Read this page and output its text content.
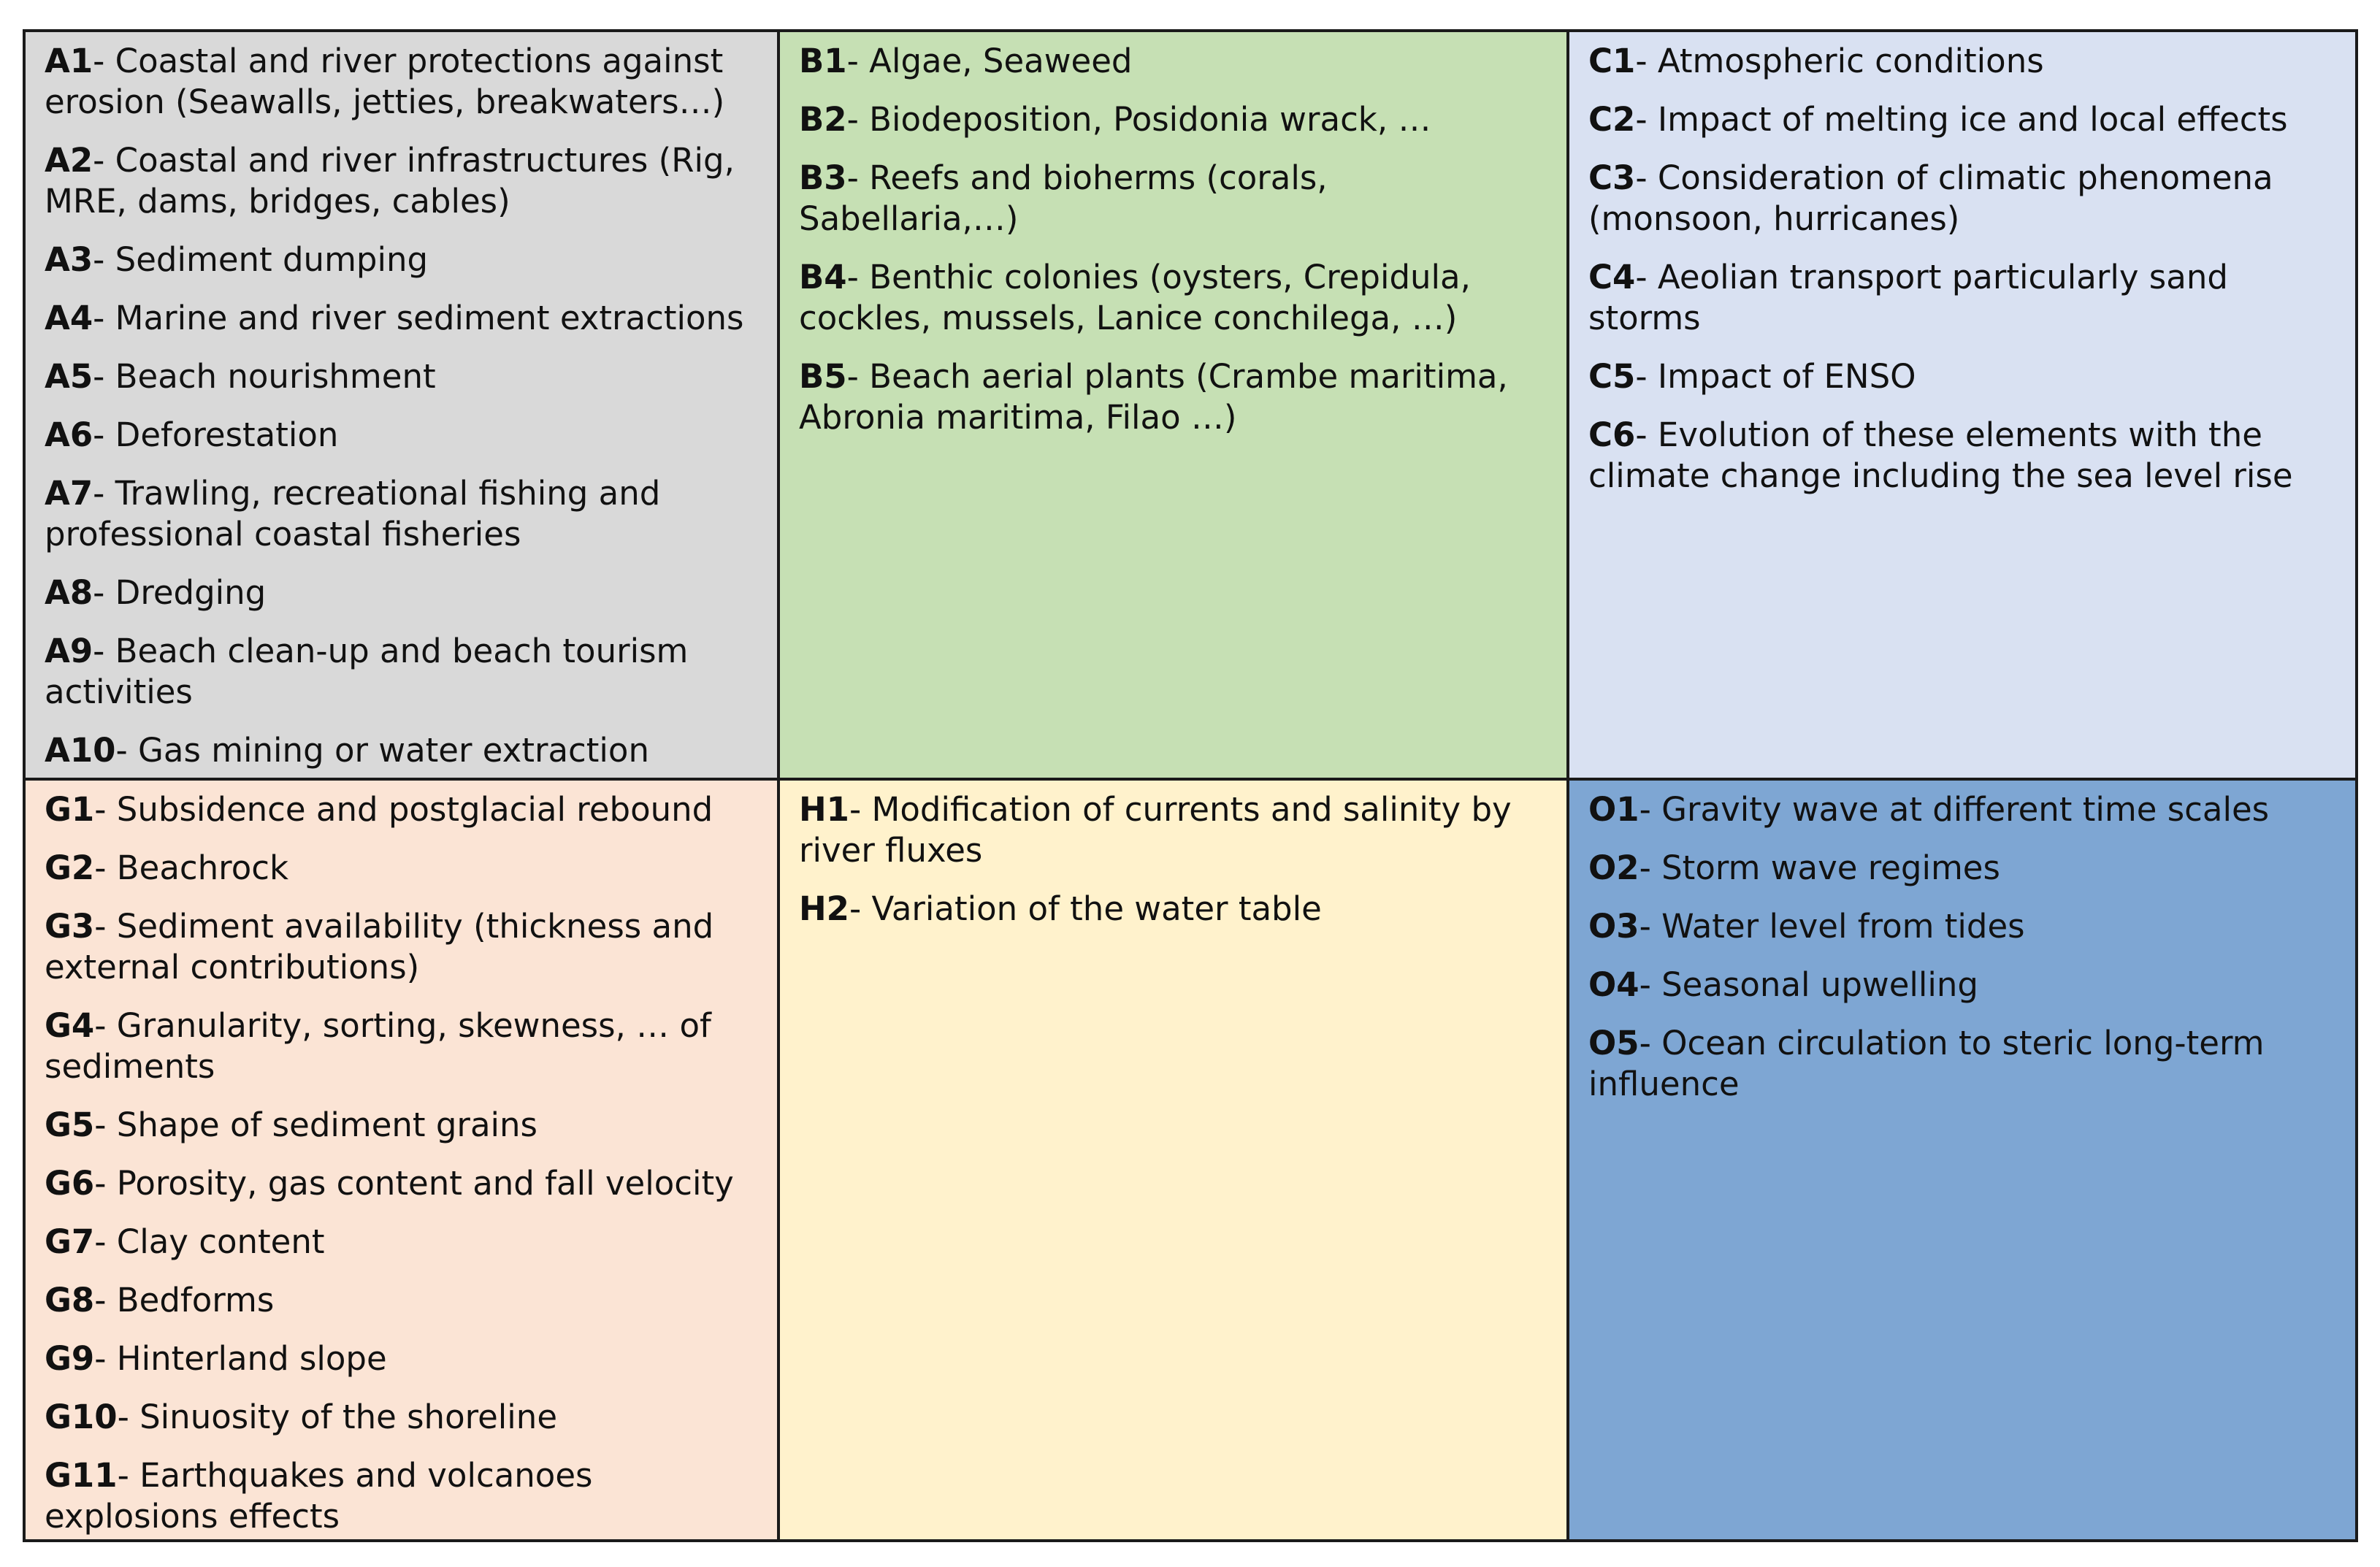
A1- Coastal and river protections against erosion (Seawalls, jetties, breakwaters…)
A2- Coastal and river infrastructures (Rig, MRE, dams, bridges, cables)
A3- Sediment dumping
A4- Marine and river sediment extractions
A5- Beach nourishment
A6- Deforestation
A7- Trawling, recreational fishing and professional coastal fisheries
A8- Dredging
A9- Beach clean-up and beach tourism activities
A10- Gas mining or water extraction
B1- Algae, Seaweed
B2- Biodeposition, Posidonia wrack, …
B3- Reefs and bioherms (corals, Sabellaria,…)
B4- Benthic colonies (oysters, Crepidula, cockles, mussels, Lanice conchilega, …)
B5- Beach aerial plants (Crambe maritima, Abronia maritima, Filao …)
C1- Atmospheric conditions
C2- Impact of melting ice and local effects
C3- Consideration of climatic phenomena (monsoon, hurricanes)
C4- Aeolian transport particularly sand storms
C5- Impact of ENSO
C6- Evolution of these elements with the climate change including the sea level rise
G1- Subsidence and postglacial rebound
G2- Beachrock
G3- Sediment availability (thickness and external contributions)
G4- Granularity, sorting, skewness, … of sediments
G5- Shape of sediment grains
G6- Porosity, gas content and fall velocity
G7- Clay content
G8- Bedforms
G9- Hinterland slope
G10- Sinuosity of the shoreline
G11- Earthquakes and volcanoes explosions effects
H1- Modification of currents and salinity by river fluxes
H2- Variation of the water table
O1- Gravity wave at different time scales
O2- Storm wave regimes
O3- Water level from tides
O4- Seasonal upwelling
O5- Ocean circulation to steric long-term influence
